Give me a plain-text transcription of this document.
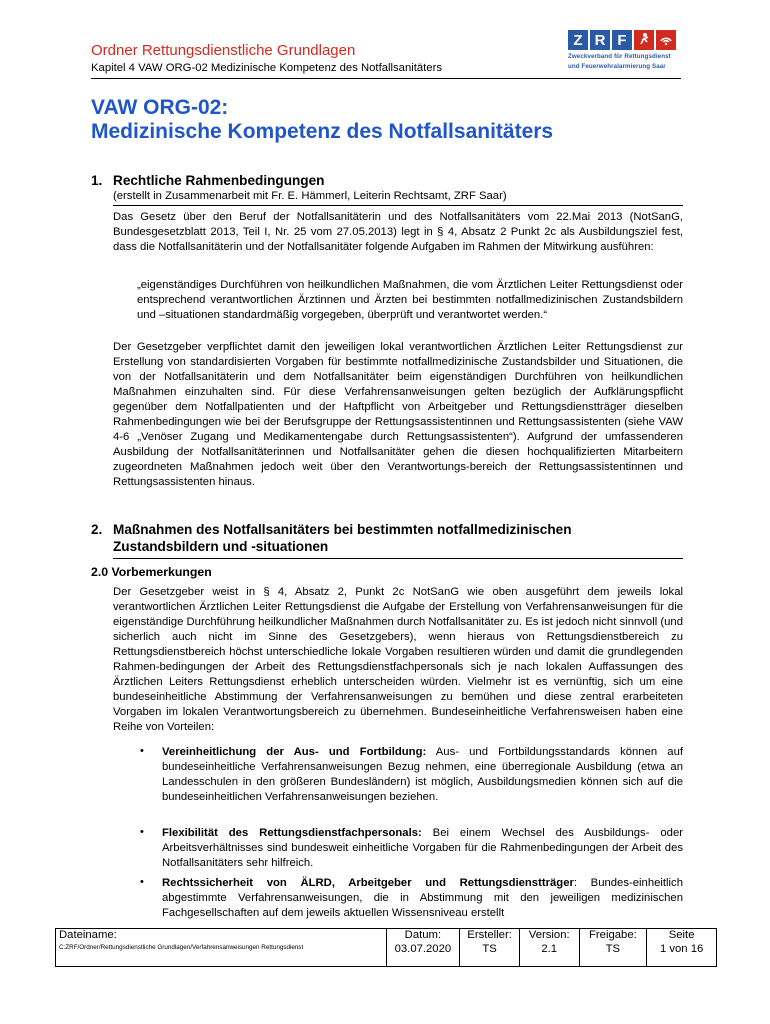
Ordner Rettungsdienstliche Grundlagen
Kapitel 4 VAW ORG-02 Medizinische Kompetenz des Notfallsanitäters
Z R F
Zweckverband für Rettungsdienst
und Feuerwehralarmierung Saar
VAW ORG-02:
Medizinische Kompetenz des Notfallsanitäters
1. Rechtliche Rahmenbedingungen
(erstellt in Zusammenarbeit mit Fr. E. Hämmerl, Leiterin Rechtsamt, ZRF Saar)
Das Gesetz über den Beruf der Notfallsanitäterin und des Notfallsanitäters vom 22.Mai 2013 (NotSanG, Bundesgesetzblatt 2013, Teil I, Nr. 25 vom 27.05.2013) legt in § 4, Absatz 2 Punkt 2c als Ausbildungsziel fest, dass die Notfallsanitäterin und der Notfallsanitäter folgende Aufgaben im Rahmen der Mitwirkung ausführen:
„eigenständiges Durchführen von heilkundlichen Maßnahmen, die vom Ärztlichen Leiter Rettungsdienst oder entsprechend verantwortlichen Ärztinnen und Ärzten bei bestimmten notfallmedizinischen Zustandsbildern und –situationen standardmäßig vorgegeben, überprüft und verantwortet werden.“
Der Gesetzgeber verpflichtet damit den jeweiligen lokal verantwortlichen Ärztlichen Leiter Rettungsdienst zur Erstellung von standardisierten Vorgaben für bestimmte notfallmedizinische Zustandsbilder und Situationen, die von der Notfallsanitäterin und dem Notfallsanitäter beim eigenständigen Durchführen von heilkundlichen Maßnahmen einzuhalten sind. Für diese Verfahrensanweisungen gelten bezüglich der Aufklärungspflicht gegenüber dem Notfallpatienten und der Haftpflicht von Arbeitgeber und Rettungsdienstträger dieselben Rahmenbedingungen wie bei der Berufsgruppe der Rettungsassistentinnen und Rettungsassistenten (siehe VAW 4-6 „Venöser Zugang und Medikamentengabe durch Rettungsassistenten“). Aufgrund der umfassenderen Ausbildung der Notfallsanitäterinnen und Notfallsanitäter gehen die diesen hochqualifizierten Mitarbeitern zugeordneten Maßnahmen jedoch weit über den Verantwortungs-bereich der Rettungsassistentinnen und Rettungsassistenten hinaus.
2. Maßnahmen des Notfallsanitäters bei bestimmten notfallmedizinischen
Zustandsbildern und -situationen
2.0 Vorbemerkungen
Der Gesetzgeber weist in § 4, Absatz 2, Punkt 2c NotSanG wie oben ausgeführt dem jeweils lokal verantwortlichen Ärztlichen Leiter Rettungsdienst die Aufgabe der Erstellung von Verfahrensanweisungen für die eigenständige Durchführung heilkundlicher Maßnahmen durch Notfallsanitäter zu. Es ist jedoch nicht sinnvoll (und sicherlich auch nicht im Sinne des Gesetzgebers), wenn hieraus von Rettungsdienstbereich zu Rettungsdienstbereich höchst unterschiedliche lokale Vorgaben resultieren würden und damit die grundlegenden Rahmen-bedingungen der Arbeit des Rettungsdienstfachpersonals sich je nach lokalen Auffassungen des Ärztlichen Leiters Rettungsdienst erheblich unterscheiden würden. Vielmehr ist es vernünftig, sich um eine bundeseinheitliche Abstimmung der Verfahrensanweisungen zu bemühen und diese zentral erarbeiteten Vorgaben im lokalen Verantwortungsbereich zu übernehmen. Bundeseinheitliche Verfahrensweisen haben eine Reihe von Vorteilen:
• Vereinheitlichung der Aus- und Fortbildung: Aus- und Fortbildungsstandards können auf bundeseinheitliche Verfahrensanweisungen Bezug nehmen, eine überregionale Ausbildung (etwa an Landesschulen in den größeren Bundesländern) ist möglich, Ausbildungsmedien können sich auf die bundeseinheitlichen Verfahrensanweisungen beziehen.
• Flexibilität des Rettungsdienstfachpersonals: Bei einem Wechsel des Ausbildungs- oder Arbeitsverhältnisses sind bundesweit einheitliche Vorgaben für die Rahmenbedingungen der Arbeit des Notfallsanitäters sehr hilfreich.
• Rechtssicherheit von ÄLRD, Arbeitgeber und Rettungsdienstträger: Bundes-einheitlich abgestimmte Verfahrensanweisungen, die in Abstimmung mit den jeweiligen medizinischen Fachgesellschaften auf dem jeweils aktuellen Wissensniveau erstellt
Dateiname:
C:ZRF/Ordner/Rettungsdienstliche Grundlagen/Verfahrensanweisungen Rettungsdienst

Datum:
03.07.2020

Ersteller:
TS

Version:
2.1

Freigabe:
TS

Seite
1 von 16
